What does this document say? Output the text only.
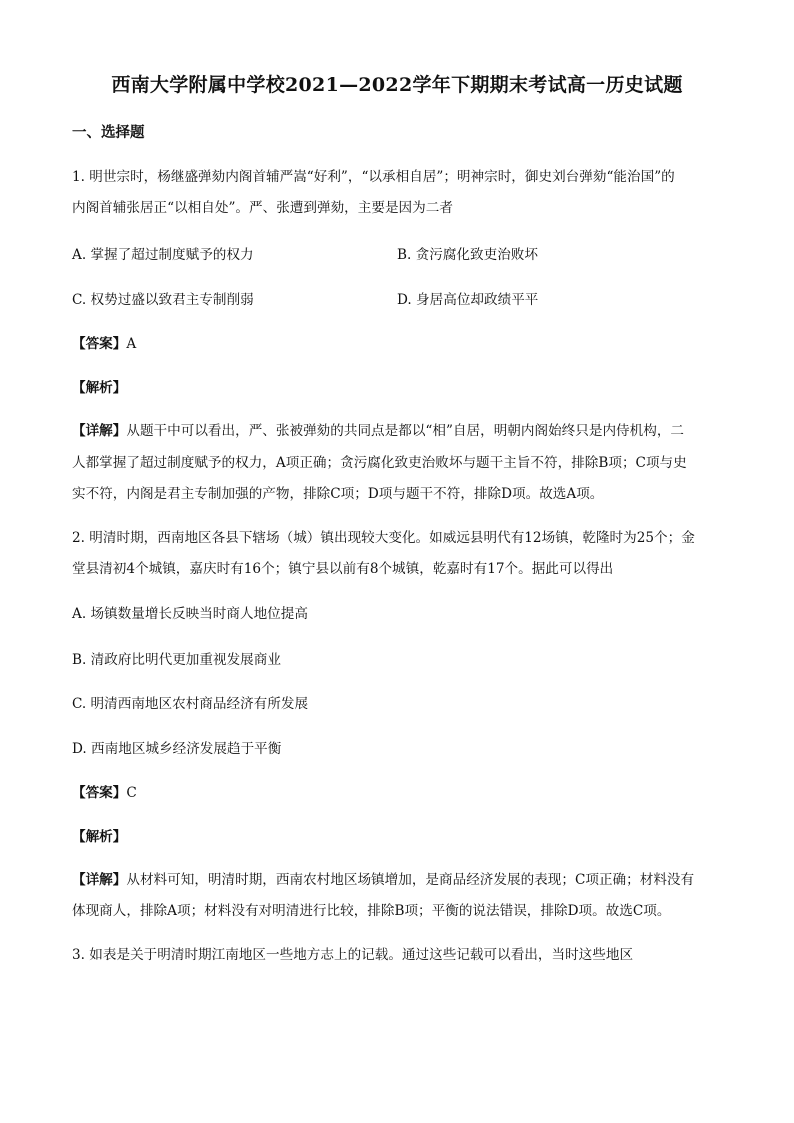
西南大学附属中学校2021—2022学年下期期末考试高一历史试题
一、选择题
1. 明世宗时，杨继盛弹劾内阁首辅严嵩“好利”，“以承相自居”；明神宗时，御史刘台弹劾“能治国”的
内阁首辅张居正“以相自处”。严、张遭到弹劾，主要是因为二者
A. 掌握了超过制度赋予的权力	B. 贪污腐化致吏治败坏
C. 权势过盛以致君主专制削弱	D. 身居高位却政绩平平
【答案】A
【解析】
【详解】从题干中可以看出，严、张被弹劾的共同点是都以“相”自居，明朝内阁始终只是内侍机构，二
人都掌握了超过制度赋予的权力，A项正确；贪污腐化致吏治败坏与题干主旨不符，排除B项；C项与史
实不符，内阁是君主专制加强的产物，排除C项；D项与题干不符，排除D项。故选A项。
2. 明清时期，西南地区各县下辖场（城）镇出现较大变化。如威远县明代有12场镇，乾隆时为25个；金
堂县清初4个城镇，嘉庆时有16个；镇宁县以前有8个城镇，乾嘉时有17个。据此可以得出
A. 场镇数量增长反映当时商人地位提高
B. 清政府比明代更加重视发展商业
C. 明清西南地区农村商品经济有所发展
D. 西南地区城乡经济发展趋于平衡
【答案】C
【解析】
【详解】从材料可知，明清时期，西南农村地区场镇增加，是商品经济发展的表现；C项正确；材料没有
体现商人，排除A项；材料没有对明清进行比较，排除B项；平衡的说法错误，排除D项。故选C项。
3. 如表是关于明清时期江南地区一些地方志上的记载。通过这些记载可以看出，当时这些地区
